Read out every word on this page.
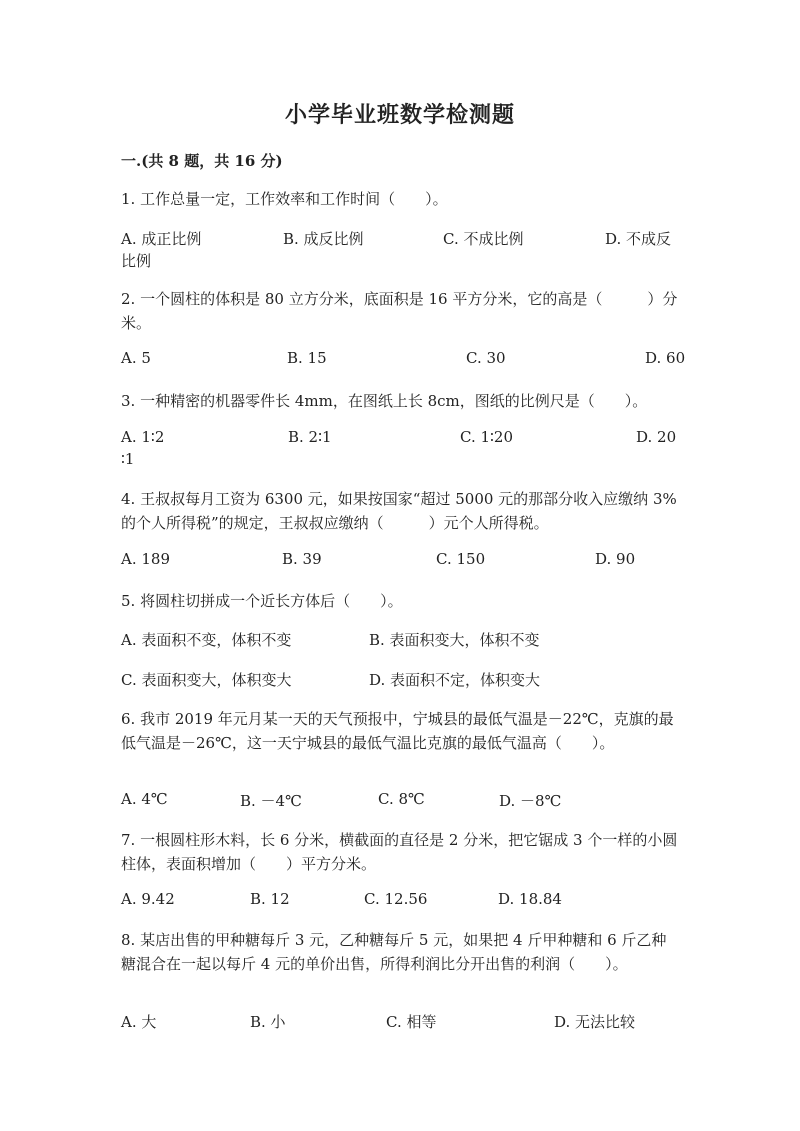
小学毕业班数学检测题
一.(共 8 题，共 16 分)
1. 工作总量一定，工作效率和工作时间（　　）。
A. 成正比例	B. 成反比例	C. 不成比例	D. 不成反
比例
2. 一个圆柱的体积是 80 立方分米，底面积是 16 平方分米，它的高是（　　　）分米。
A. 5	B. 15	C. 30	D. 60
3. 一种精密的机器零件长 4mm，在图纸上长 8cm，图纸的比例尺是（　　）。
A. 1∶2	B. 2∶1	C. 1∶20	D. 20
∶1
4. 王叔叔每月工资为 6300 元，如果按国家“超过 5000 元的那部分收入应缴纳 3% 的个人所得税”的规定，王叔叔应缴纳（　　　）元个人所得税。
A. 189	B. 39	C. 150	D. 90
5. 将圆柱切拼成一个近长方体后（　　）。
A. 表面积不变，体积不变	B. 表面积变大，体积不变
C. 表面积变大，体积变大	D. 表面积不定，体积变大
6. 我市 2019 年元月某一天的天气预报中，宁城县的最低气温是－22℃，克旗的最低气温是－26℃，这一天宁城县的最低气温比克旗的最低气温高（　　）。
A. 4℃	B. －4℃	C. 8℃	D. －8℃
7. 一根圆柱形木料，长 6 分米，横截面的直径是 2 分米，把它锯成 3 个一样的小圆柱体，表面积增加（　　）平方分米。
A. 9.42	B. 12	C. 12.56	D. 18.84
8. 某店出售的甲种糖每斤 3 元，乙种糖每斤 5 元，如果把 4 斤甲种糖和 6 斤乙种糖混合在一起以每斤 4 元的单价出售，所得利润比分开出售的利润（　　）。
A. 大	B. 小	C. 相等	D. 无法比较
